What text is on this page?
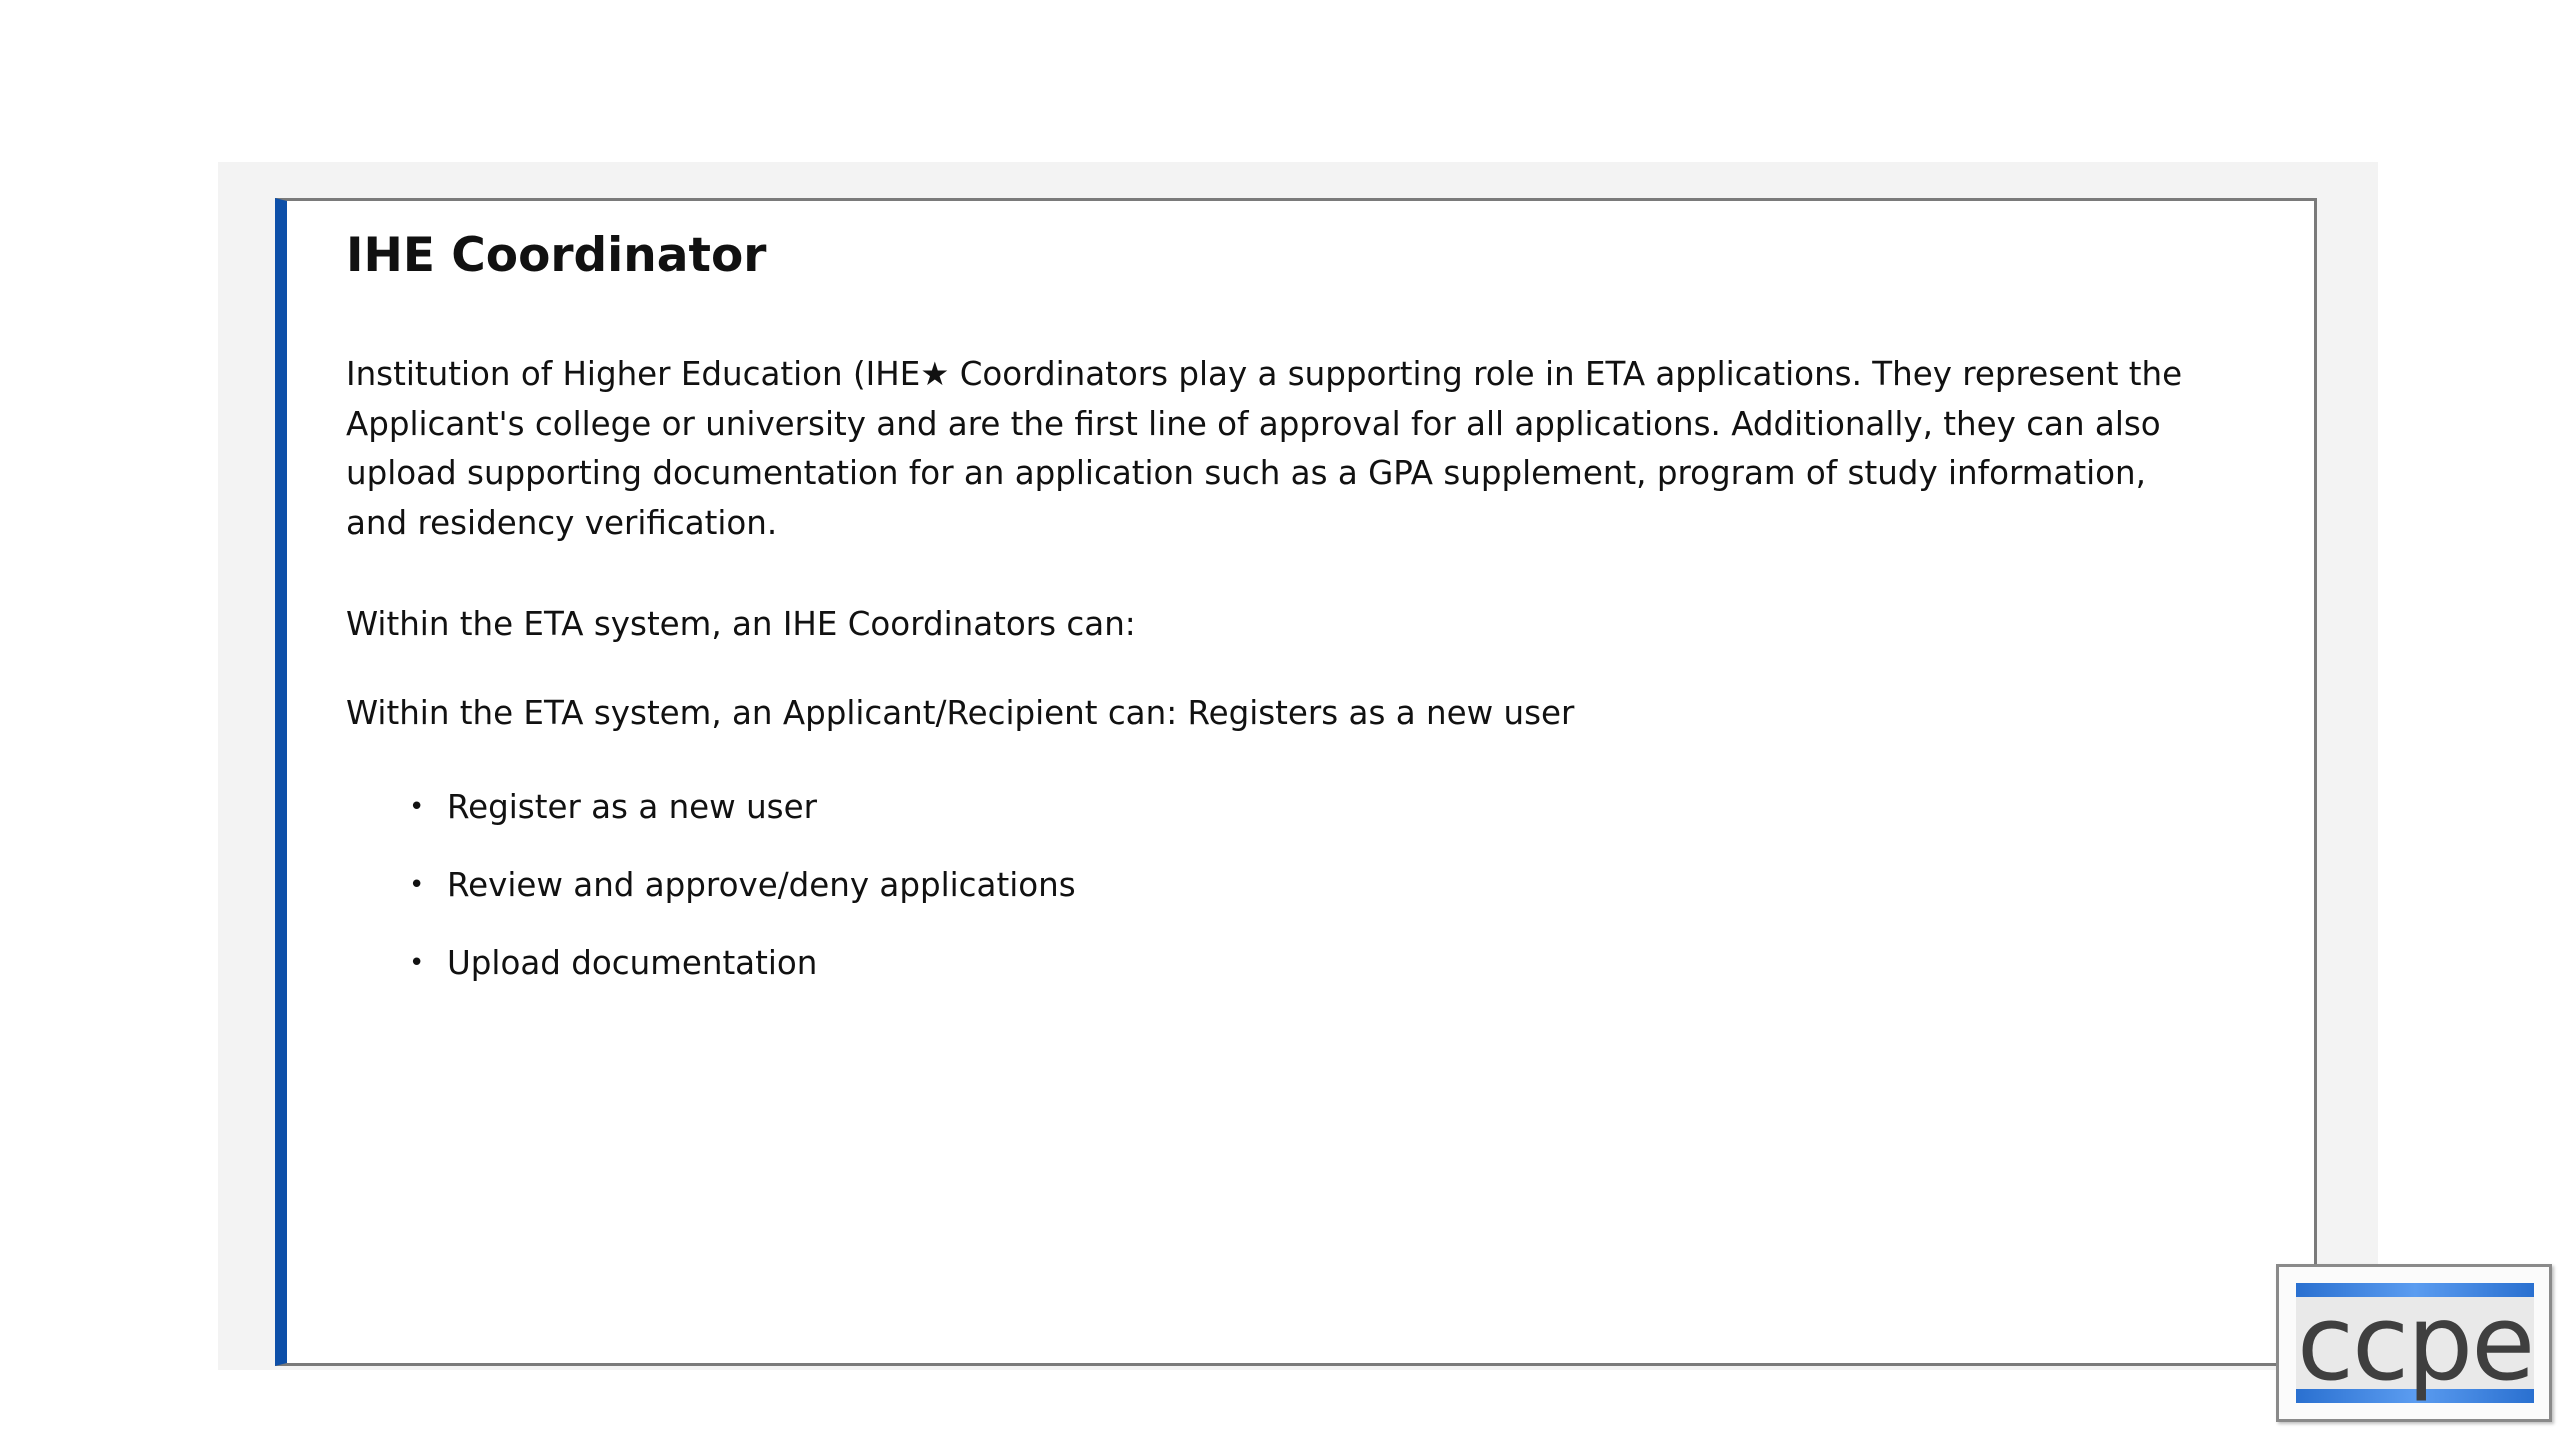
IHE Coordinator

Institution of Higher Education (IHE★ Coordinators play a supporting role in ETA applications. They represent the Applicant's college or university and are the first line of approval for all applications. Additionally, they can also upload supporting documentation for an application such as a GPA supplement, program of study information, and residency verification.

Within the ETA system, an IHE Coordinators can:

Within the ETA system, an Applicant/Recipient can: Registers as a new user

• Register as a new user
• Review and approve/deny applications
• Upload documentation
ccpe
